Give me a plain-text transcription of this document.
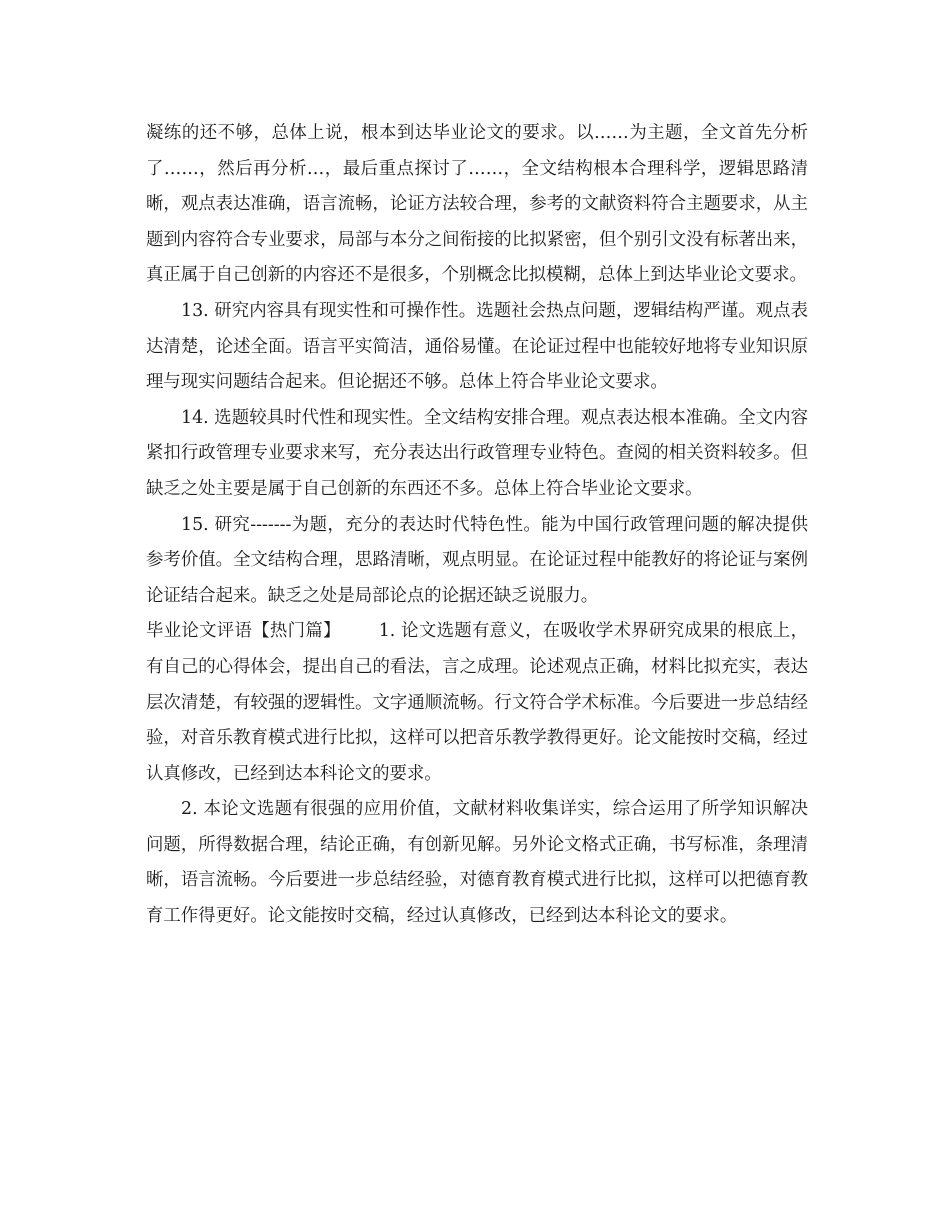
凝练的还不够，总体上说，根本到达毕业论文的要求。以……为主题，全文首先分析了……，然后再分析…，最后重点探讨了……，全文结构根本合理科学，逻辑思路清晰，观点表达准确，语言流畅，论证方法较合理，参考的文献资料符合主题要求，从主题到内容符合专业要求，局部与本分之间衔接的比拟紧密，但个别引文没有标著出来，真正属于自己创新的内容还不是很多，个别概念比拟模糊，总体上到达毕业论文要求。

13. 研究内容具有现实性和可操作性。选题社会热点问题，逻辑结构严谨。观点表达清楚，论述全面。语言平实简洁，通俗易懂。在论证过程中也能较好地将专业知识原理与现实问题结合起来。但论据还不够。总体上符合毕业论文要求。

14. 选题较具时代性和现实性。全文结构安排合理。观点表达根本准确。全文内容紧扣行政管理专业要求来写，充分表达出行政管理专业特色。查阅的相关资料较多。但缺乏之处主要是属于自己创新的东西还不多。总体上符合毕业论文要求。

15. 研究-------为题，充分的表达时代特色性。能为中国行政管理问题的解决提供参考价值。全文结构合理，思路清晰，观点明显。在论证过程中能教好的将论证与案例论证结合起来。缺乏之处是局部论点的论据还缺乏说服力。

毕业论文评语【热门篇】 1. 论文选题有意义，在吸收学术界研究成果的根底上，有自己的心得体会，提出自己的看法，言之成理。论述观点正确，材料比拟充实，表达层次清楚，有较强的逻辑性。文字通顺流畅。行文符合学术标准。今后要进一步总结经验，对音乐教育模式进行比拟，这样可以把音乐教学教得更好。论文能按时交稿，经过认真修改，已经到达本科论文的要求。

2. 本论文选题有很强的应用价值，文献材料收集详实，综合运用了所学知识解决问题，所得数据合理，结论正确，有创新见解。另外论文格式正确，书写标准，条理清晰，语言流畅。今后要进一步总结经验，对德育教育模式进行比拟，这样可以把德育教育工作得更好。论文能按时交稿，经过认真修改，已经到达本科论文的要求。
